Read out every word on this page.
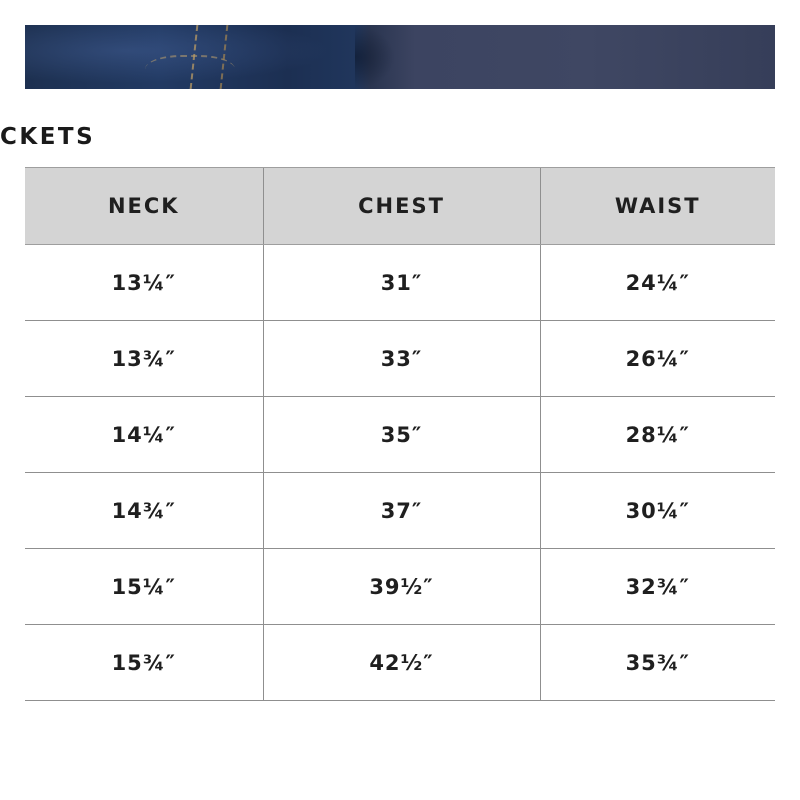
CKETS
NECK	CHEST	WAIST
13¼″	31″	24¼″
13¾″	33″	26¼″
14¼″	35″	28¼″
14¾″	37″	30¼″
15¼″	39½″	32¾″
15¾″	42½″	35¾″
